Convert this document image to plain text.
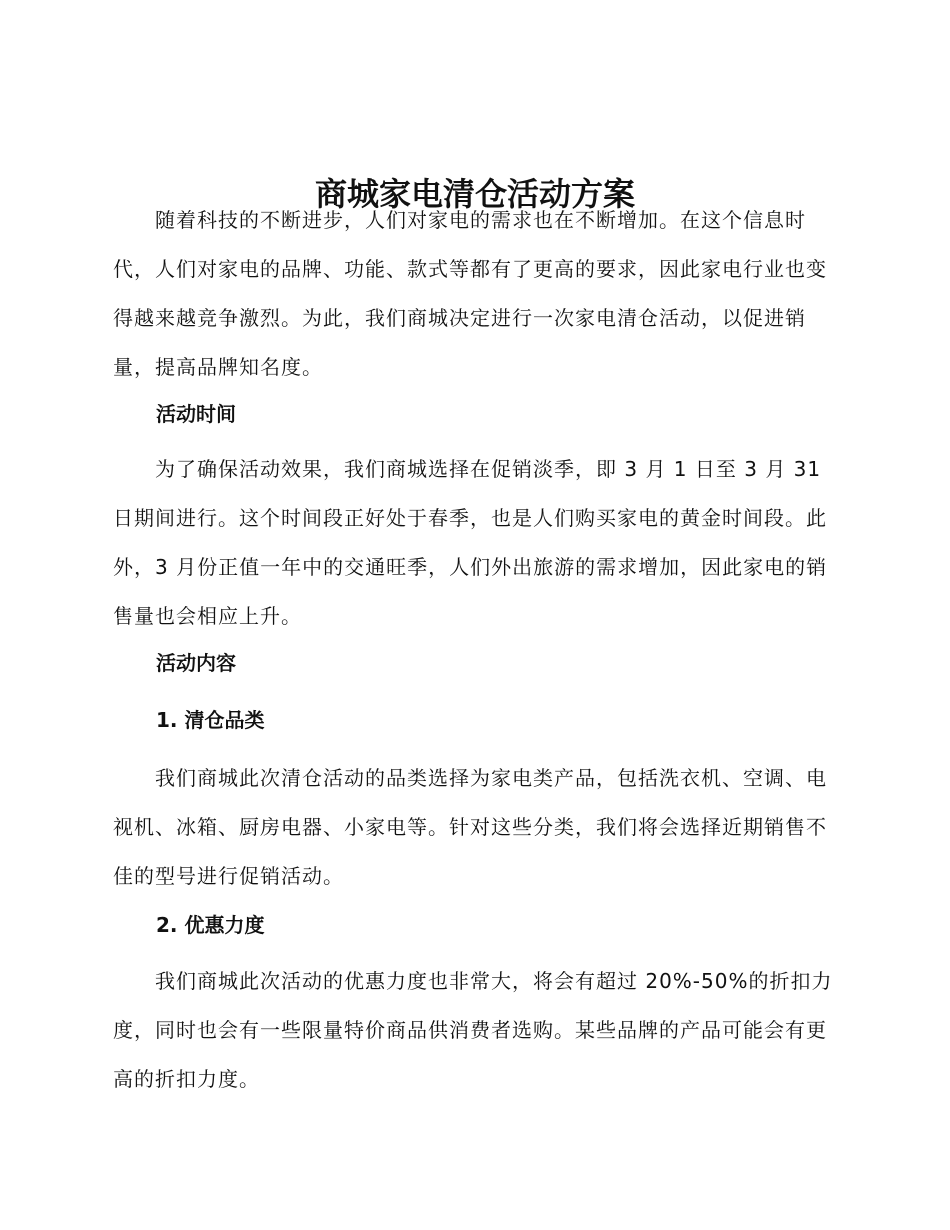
商城家电清仓活动方案

随着科技的不断进步，人们对家电的需求也在不断增加。在这个信息时代，人们对家电的品牌、功能、款式等都有了更高的要求，因此家电行业也变得越来越竞争激烈。为此，我们商城决定进行一次家电清仓活动，以促进销量，提高品牌知名度。

活动时间

为了确保活动效果，我们商城选择在促销淡季，即 3 月 1 日至 3 月 31 日期间进行。这个时间段正好处于春季，也是人们购买家电的黄金时间段。此外，3 月份正值一年中的交通旺季，人们外出旅游的需求增加，因此家电的销售量也会相应上升。

活动内容
1. 清仓品类

我们商城此次清仓活动的品类选择为家电类产品，包括洗衣机、空调、电视机、冰箱、厨房电器、小家电等。针对这些分类，我们将会选择近期销售不佳的型号进行促销活动。

2. 优惠力度

我们商城此次活动的优惠力度也非常大，将会有超过 20%-50%的折扣力度，同时也会有一些限量特价商品供消费者选购。某些品牌的产品可能会有更高的折扣力度。
